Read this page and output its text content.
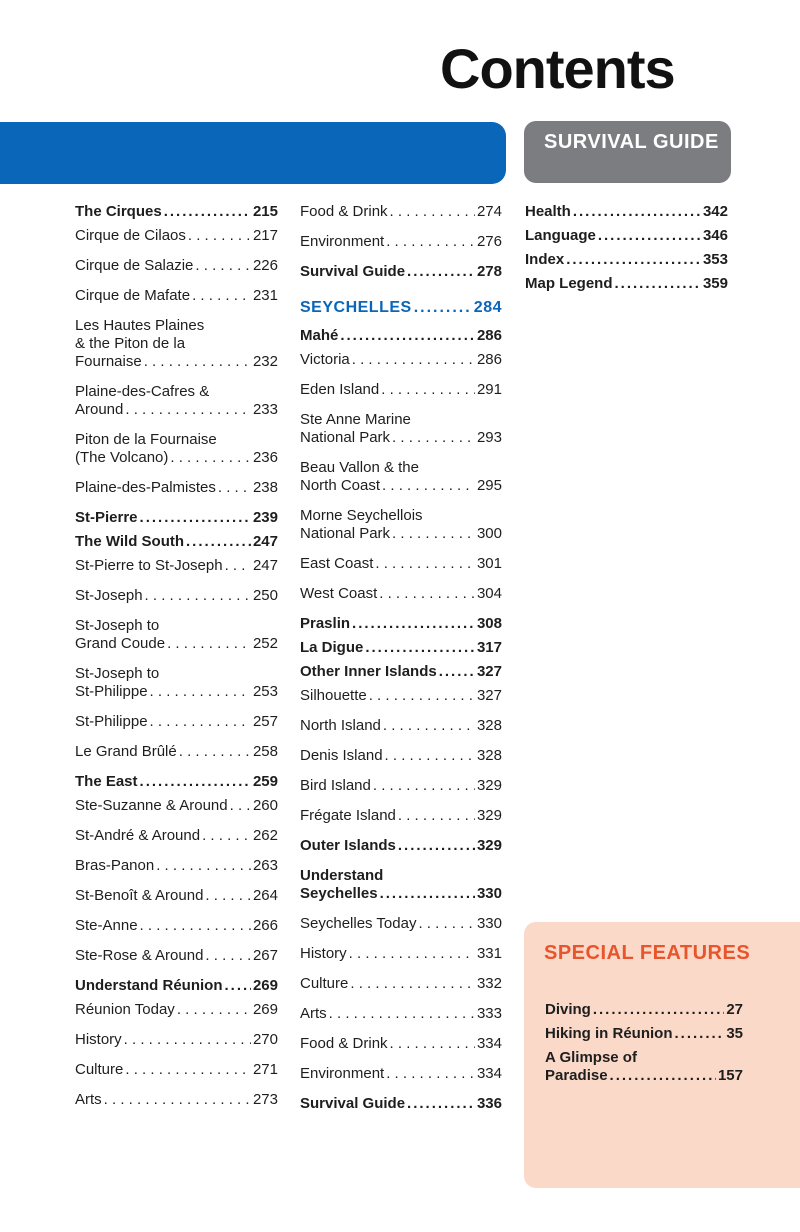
Contents
SURVIVAL GUIDE
SPECIAL FEATURES
The Cirques .....	215
Cirque de Cilaos . . .	217
Cirque de Salazie . . .	226
Cirque de Mafate . . .	231
Les Hautes Plaines
& the Piton de la
Fournaise . . .	232
Plaine-des-Cafres &
Around . . .	233
Piton de la Fournaise
(The Volcano) . . .	236
Plaine-des-Palmistes . . . 238
St-Pierre .....	239
The Wild South .....	247
St-Pierre to St-Joseph . . . 247
St-Joseph . . .	250
St-Joseph to
Grand Coude . . .	252
St-Joseph to
St-Philippe . . .	253
St-Philippe . . .	257
Le Grand Brûlé . . .	258
The East .....	259
Ste-Suzanne & Around . . . 260
St-André & Around . . .	262
Bras-Panon . . .	263
St-Benoît & Around . . .	264
Ste-Anne . . .	266
Ste-Rose & Around . . .	267
Understand Réunion ..... 269
Réunion Today . . .	269
History . . .	270
Culture . . .	271
Arts . . .	273
Food & Drink . . .	274
Environment . . .	276
Survival Guide .....	278
SEYCHELLES .....	284
Mahé .....	286
Victoria . . .	286
Eden Island . . .	291
Ste Anne Marine
National Park . . .	293
Beau Vallon & the
North Coast . . .	295
Morne Seychellois
National Park . . .	300
East Coast . . .	301
West Coast . . .	304
Praslin .....	308
La Digue .....	317
Other Inner Islands .....	327
Silhouette . . .	327
North Island . . .	328
Denis Island . . .	328
Bird Island . . .	329
Frégate Island . . .	329
Outer Islands .....	329
Understand
Seychelles .....	330
Seychelles Today . . .	330
History . . .	331
Culture . . .	332
Arts . . .	333
Food & Drink . . .	334
Environment . . .	334
Survival Guide .....	336
Health .....	342
Language .....	346
Index .....	353
Map Legend .....	359
Diving .....	27
Hiking in Réunion .....	35
A Glimpse of
Paradise .....	157
